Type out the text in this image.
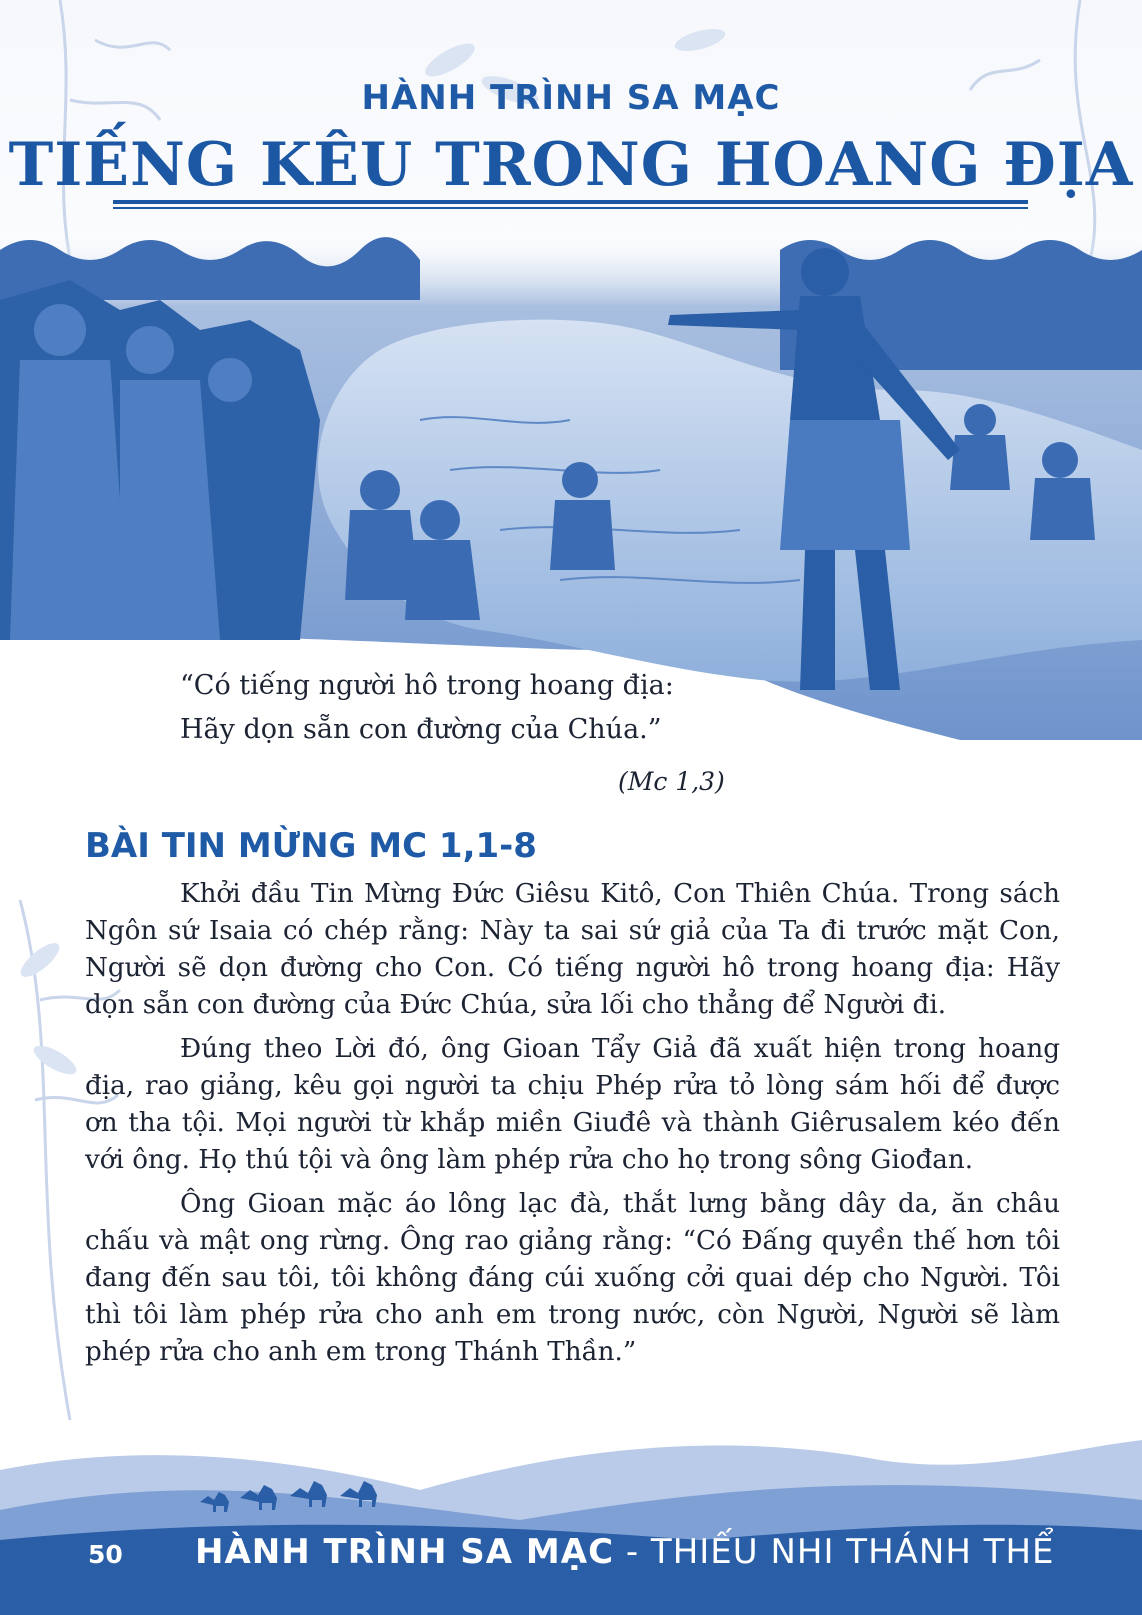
HÀNH TRÌNH SA MẠC
TIẾNG KÊU TRONG HOANG ĐỊA
“Có tiếng người hô trong hoang địa:
Hãy dọn sẵn con đường của Chúa.”
(Mc 1,3)
BÀI TIN MỪNG MC 1,1-8

Khởi đầu Tin Mừng Đức Giêsu Kitô, Con Thiên Chúa. Trong sách Ngôn sứ Isaia có chép rằng: Này ta sai sứ giả của Ta đi trước mặt Con, Người sẽ dọn đường cho Con. Có tiếng người hô trong hoang địa: Hãy dọn sẵn con đường của Đức Chúa, sửa lối cho thẳng để Người đi.

Đúng theo Lời đó, ông Gioan Tẩy Giả đã xuất hiện trong hoang địa, rao giảng, kêu gọi người ta chịu Phép rửa tỏ lòng sám hối để được ơn tha tội. Mọi người từ khắp miền Giuđê và thành Giêrusalem kéo đến với ông. Họ thú tội và ông làm phép rửa cho họ trong sông Giođan.

Ông Gioan mặc áo lông lạc đà, thắt lưng bằng dây da, ăn châu chấu và mật ong rừng. Ông rao giảng rằng: “Có Đấng quyền thế hơn tôi đang đến sau tôi, tôi không đáng cúi xuống cởi quai dép cho Người. Tôi thì tôi làm phép rửa cho anh em trong nước, còn Người, Người sẽ làm phép rửa cho anh em trong Thánh Thần.”

50 HÀNH TRÌNH SA MẠC - THIẾU NHI THÁNH THỂ
